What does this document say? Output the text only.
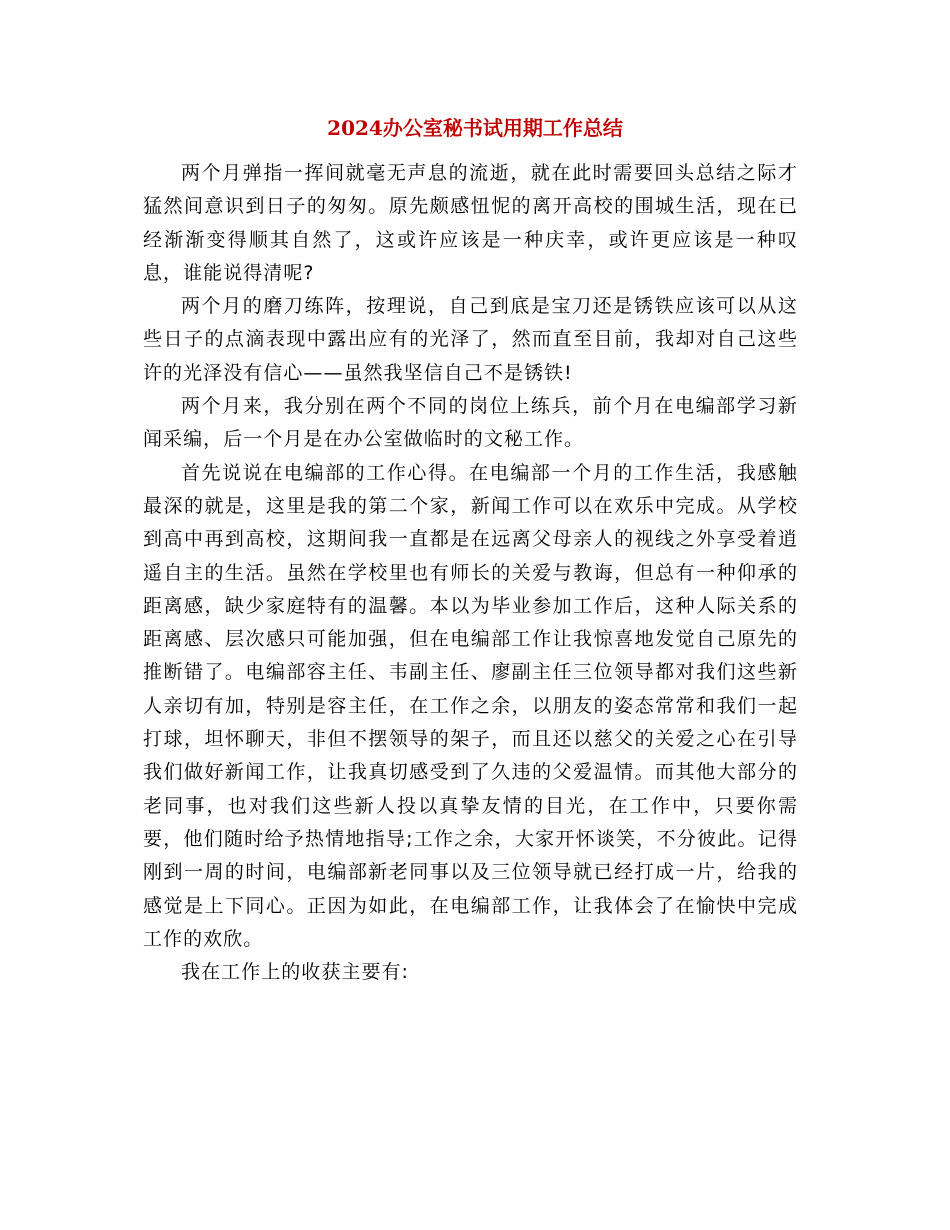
2024办公室秘书试用期工作总结

两个月弹指一挥间就毫无声息的流逝，就在此时需要回头总结之际才猛然间意识到日子的匆匆。原先颇感忸怩的离开高校的围城生活，现在已经渐渐变得顺其自然了，这或许应该是一种庆幸，或许更应该是一种叹息，谁能说得清呢?

两个月的磨刀练阵，按理说，自己到底是宝刀还是锈铁应该可以从这些日子的点滴表现中露出应有的光泽了，然而直至目前，我却对自己这些许的光泽没有信心——虽然我坚信自己不是锈铁!

两个月来，我分别在两个不同的岗位上练兵，前个月在电编部学习新闻采编，后一个月是在办公室做临时的文秘工作。

首先说说在电编部的工作心得。在电编部一个月的工作生活，我感触最深的就是，这里是我的第二个家，新闻工作可以在欢乐中完成。从学校到高中再到高校，这期间我一直都是在远离父母亲人的视线之外享受着逍遥自主的生活。虽然在学校里也有师长的关爱与教诲，但总有一种仰承的距离感，缺少家庭特有的温馨。本以为毕业参加工作后，这种人际关系的距离感、层次感只可能加强，但在电编部工作让我惊喜地发觉自己原先的推断错了。电编部容主任、韦副主任、廖副主任三位领导都对我们这些新人亲切有加，特别是容主任，在工作之余，以朋友的姿态常常和我们一起打球，坦怀聊天，非但不摆领导的架子，而且还以慈父的关爱之心在引导我们做好新闻工作，让我真切感受到了久违的父爱温情。而其他大部分的老同事，也对我们这些新人投以真挚友情的目光，在工作中，只要你需要，他们随时给予热情地指导;工作之余，大家开怀谈笑，不分彼此。记得刚到一周的时间，电编部新老同事以及三位领导就已经打成一片，给我的感觉是上下同心。正因为如此，在电编部工作，让我体会了在愉快中完成工作的欢欣。

我在工作上的收获主要有:
